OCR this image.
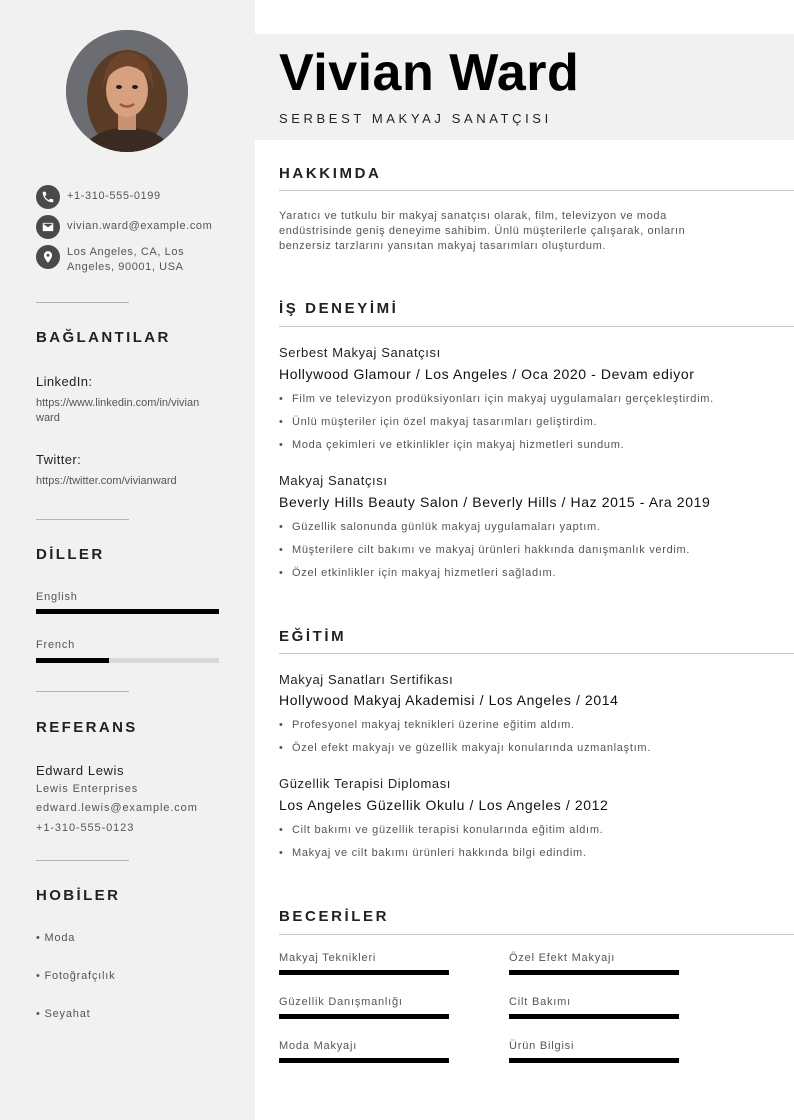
+1-310-555-0199
vivian.ward@example.com
Los Angeles, CA, Los
Angeles, 90001, USA
BAĞLANTILAR
LinkedIn:
https://www.linkedin.com/in/vivian
ward
Twitter:
https://twitter.com/vivianward
DİLLER
English
French
REFERANS
Edward Lewis
Lewis Enterprises
edward.lewis@example.com
+1-310-555-0123
HOBİLER
• Moda
• Fotoğrafçılık
• Seyahat
Vivian Ward
SERBEST MAKYAJ SANATÇISI
HAKKIMDA
Yaratıcı ve tutkulu bir makyaj sanatçısı olarak, film, televizyon ve moda
endüstrisinde geniş deneyime sahibim. Ünlü müşterilerle çalışarak, onların
benzersiz tarzlarını yansıtan makyaj tasarımları oluşturdum.
İŞ DENEYİMİ
Serbest Makyaj Sanatçısı
Hollywood Glamour / Los Angeles / Oca 2020 - Devam ediyor
• Film ve televizyon prodüksiyonları için makyaj uygulamaları gerçekleştirdim.
• Ünlü müşteriler için özel makyaj tasarımları geliştirdim.
• Moda çekimleri ve etkinlikler için makyaj hizmetleri sundum.
Makyaj Sanatçısı
Beverly Hills Beauty Salon / Beverly Hills / Haz 2015 - Ara 2019
• Güzellik salonunda günlük makyaj uygulamaları yaptım.
• Müşterilere cilt bakımı ve makyaj ürünleri hakkında danışmanlık verdim.
• Özel etkinlikler için makyaj hizmetleri sağladım.
EĞİTİM
Makyaj Sanatları Sertifikası
Hollywood Makyaj Akademisi / Los Angeles / 2014
• Profesyonel makyaj teknikleri üzerine eğitim aldım.
• Özel efekt makyajı ve güzellik makyajı konularında uzmanlaştım.
Güzellik Terapisi Diploması
Los Angeles Güzellik Okulu / Los Angeles / 2012
• Cilt bakımı ve güzellik terapisi konularında eğitim aldım.
• Makyaj ve cilt bakımı ürünleri hakkında bilgi edindim.
BECERİLER
Makyaj Teknikleri	Özel Efekt Makyajı
Güzellik Danışmanlığı	Cilt Bakımı
Moda Makyajı	Ürün Bilgisi
